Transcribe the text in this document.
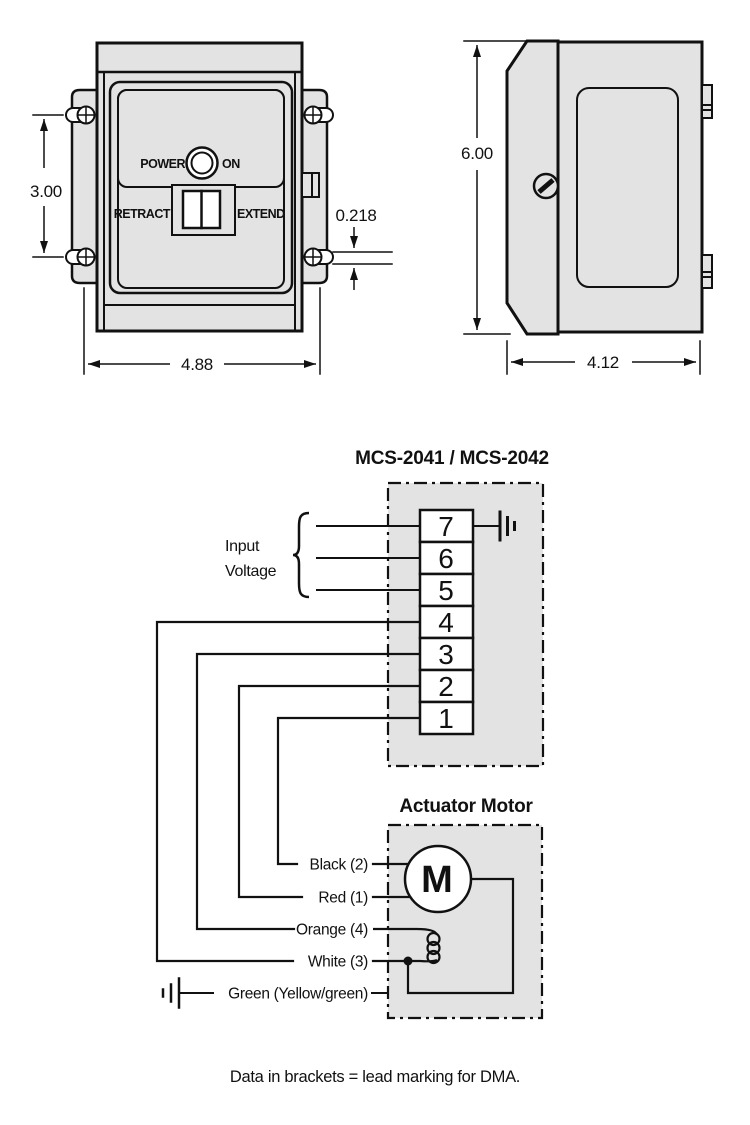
POWER	ON
RETRACT	EXTEND
3.00
4.88
0.218
6.00
4.12
MCS-2041 / MCS-2042
Actuator Motor
Input
Voltage
7
6
5
4
3
2
1
Black (2)
Red (1)
Orange (4)
White (3)
Green (Yellow/green)
M
Data in brackets = lead marking for DMA.
